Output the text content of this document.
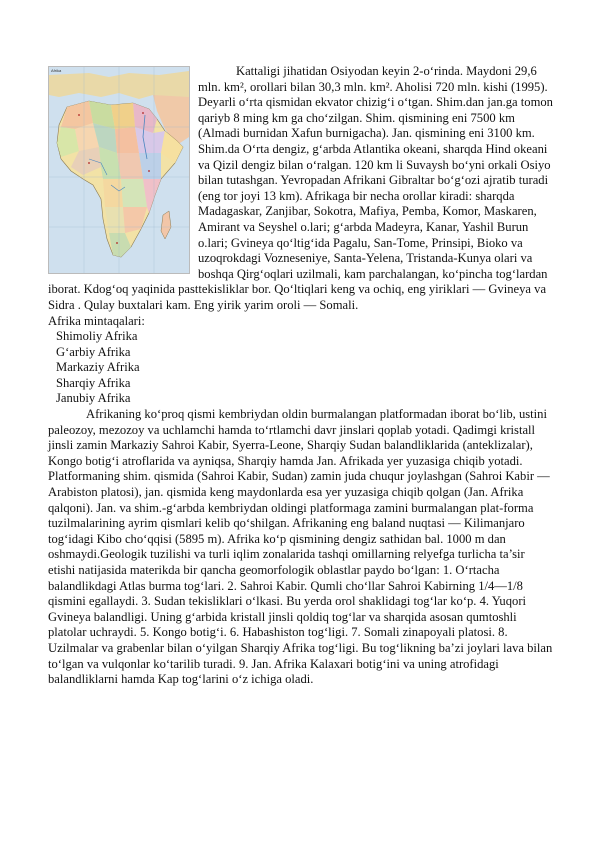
Afrika	Kattaligi jihatidan Osiyodan keyin 2-o‘rinda. Maydoni 29,6 mln. km², orollari bilan 30,3 mln. km². Aholisi 720 mln. kishi (1995). Deyarli o‘rta qismidan ekvator chizig‘i o‘tgan. Shim.dan jan.ga tomon qariyb 8 ming km ga cho‘zilgan. Shim. qismining eni 7500 km (Almadi burnidan Xafun burnigacha). Jan. qismining eni 3100 km. Shim.da O‘rta dengiz, g‘arbda Atlantika okeani, sharqda Hind okeani va Qizil dengiz bilan o‘ralgan. 120 km li Suvaysh bo‘yni orkali Osiyo bilan tutashgan. Yevropadan Afrikani Gibraltar bo‘g‘ozi ajratib turadi (eng tor joyi 13 km). Afrikaga bir necha orollar kiradi: sharqda Madagaskar, Zanjibar, Sokotra, Mafiya, Pemba, Komor, Maskaren, Amirant va Seyshel o.lari; g‘arbda Madeyra, Kanar, Yashil Burun o.lari; Gvineya qo‘ltig‘ida Pagalu, San-Tome, Prinsipi, Bioko va uzoqrokdagi Vozneseniye, Santa-Yelena, Tristanda-Kunya olari va boshqa Qirg‘oqlari uzilmali, kam parchalangan, ko‘pincha tog‘lardan iborat. Kdog‘oq yaqinida pasttekisliklar bor. Qo‘ltiqlari keng va ochiq, eng yiriklari — Gvineya va Sidra . Qulay buxtalari kam. Eng yirik yarim oroli — Somali.

Afrika mintaqalari:

Shimoliy Afrika
G‘arbiy Afrika
Markaziy Afrika
Sharqiy Afrika
Janubiy Afrika

Afrikaning ko‘proq qismi kembriydan oldin burmalangan platformadan iborat bo‘lib, ustini paleozoy, mezozoy va uchlamchi hamda to‘rtlamchi davr jinslari qoplab yotadi. Qadimgi kristall jinsli zamin Markaziy Sahroi Kabir, Syerra-Leone, Sharqiy Sudan balandliklarida (anteklizalar), Kongo botig‘i atroflarida va ayniqsa, Sharqiy hamda Jan. Afrikada yer yuzasiga chiqib yotadi. Platformaning shim. qismida (Sahroi Kabir, Sudan) zamin juda chuqur joylashgan (Sahroi Kabir — Arabiston platosi), jan. qismida keng maydonlarda esa yer yuzasiga chiqib qolgan (Jan. Afrika qalqoni). Jan. va shim.-g‘arbda kembriydan oldingi platformaga zamini burmalangan plat-forma tuzilmalarining ayrim qismlari kelib qo‘shilgan. Afrikaning eng baland nuqtasi — Kilimanjaro tog‘idagi Kibo cho‘qqisi (5895 m). Afrika ko‘p qismining dengiz sathidan bal. 1000 m dan oshmaydi.Geologik tuzilishi va turli iqlim zonalarida tashqi omillarning relyefga turlicha ta’sir etishi natijasida materikda bir qancha geomorfologik oblastlar paydo bo‘lgan: 1. O‘rtacha balandlikdagi Atlas burma tog‘lari. 2. Sahroi Kabir. Qumli cho‘llar Sahroi Kabirning 1/4—1/8 qismini egallaydi. 3. Sudan tekisliklari o‘lkasi. Bu yerda orol shaklidagi tog‘lar ko‘p. 4. Yuqori Gvineya balandligi. Uning g‘arbida kristall jinsli qoldiq tog‘lar va sharqida asosan qumtoshli platolar uchraydi. 5. Kongo botig‘i. 6. Habashiston tog‘ligi. 7. Somali zinapoyali platosi. 8. Uzilmalar va grabenlar bilan o‘yilgan Sharqiy Afrika tog‘ligi. Bu tog‘likning ba’zi joylari lava bilan to‘lgan va vulqonlar ko‘tarilib turadi. 9. Jan. Afrika Kalaxari botig‘ini va uning atrofidagi balandliklarni hamda Kap tog‘larini o‘z ichiga oladi.
